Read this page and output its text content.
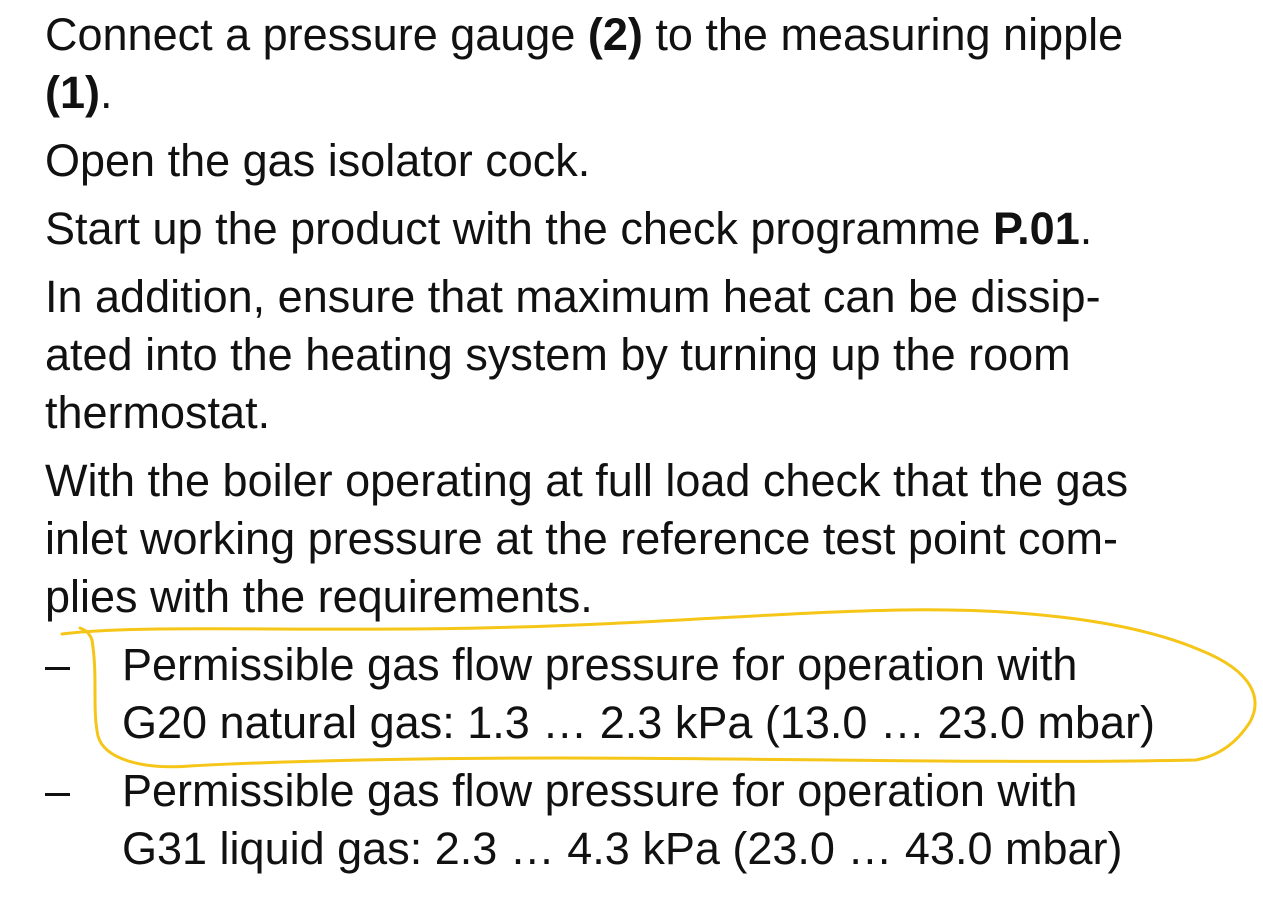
Connect a pressure gauge (2) to the measuring nipple
(1).

Open the gas isolator cock.

Start up the product with the check programme P.01.

In addition, ensure that maximum heat can be dissip-
ated into the heating system by turning up the room
thermostat.

With the boiler operating at full load check that the gas
inlet working pressure at the reference test point com-
plies with the requirements.

–	Permissible gas flow pressure for operation with
G20 natural gas: 1.3 … 2.3 kPa (13.0 … 23.0 mbar)
–	Permissible gas flow pressure for operation with
G31 liquid gas: 2.3 … 4.3 kPa (23.0 … 43.0 mbar)
